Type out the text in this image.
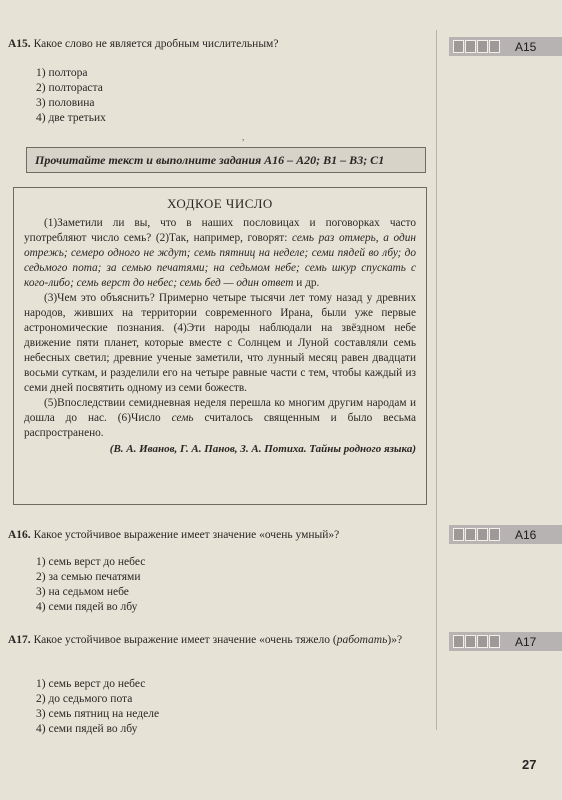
,
A15. Какое слово не является дробным числительным?
1) полтора
2) полтораста
3) половина
4) две третьих
Прочитайте текст и выполните задания А16 – А20; В1 – В3; С1
ХОДКОЕ ЧИСЛО

(1)Заметили ли вы, что в наших пословицах и поговорках часто употребляют число семь? (2)Так, например, говорят: семь раз отмерь, а один отрежь; семеро одного не ждут; семь пятниц на неделе; семи пядей во лбу; до седьмого пота; за семью печатями; на седьмом небе; семь шкур спускать с кого-либо; семь верст до небес; семь бед — один ответ и др.

(3)Чем это объяснить? Примерно четыре тысячи лет тому назад у древних народов, живших на территории современного Ирана, были уже первые астрономические познания. (4)Эти народы наблюдали на звёздном небе движение пяти планет, которые вместе с Солнцем и Луной составляли семь небесных светил; древние ученые заметили, что лунный месяц равен двадцати восьми суткам, и разделили его на четыре равные части с тем, чтобы каждый из семи дней посвятить одному из семи божеств.

(5)Впоследствии семидневная неделя перешла ко многим другим народам и дошла до нас. (6)Число семь считалось священным и было весьма распространено.

(В. А. Иванов, Г. А. Панов, З. А. Потиха. Тайны родного языка)
А16. Какое устойчивое выражение имеет значение «очень умный»?
1) семь верст до небес
2) за семью печатями
3) на седьмом небе
4) семи пядей во лбу
А17. Какое устойчивое выражение имеет значение «очень тяжело (работать)»?
1) семь верст до небес
2) до седьмого пота
3) семь пятниц на неделе
4) семи пядей во лбу
А15
А16
А17
27
